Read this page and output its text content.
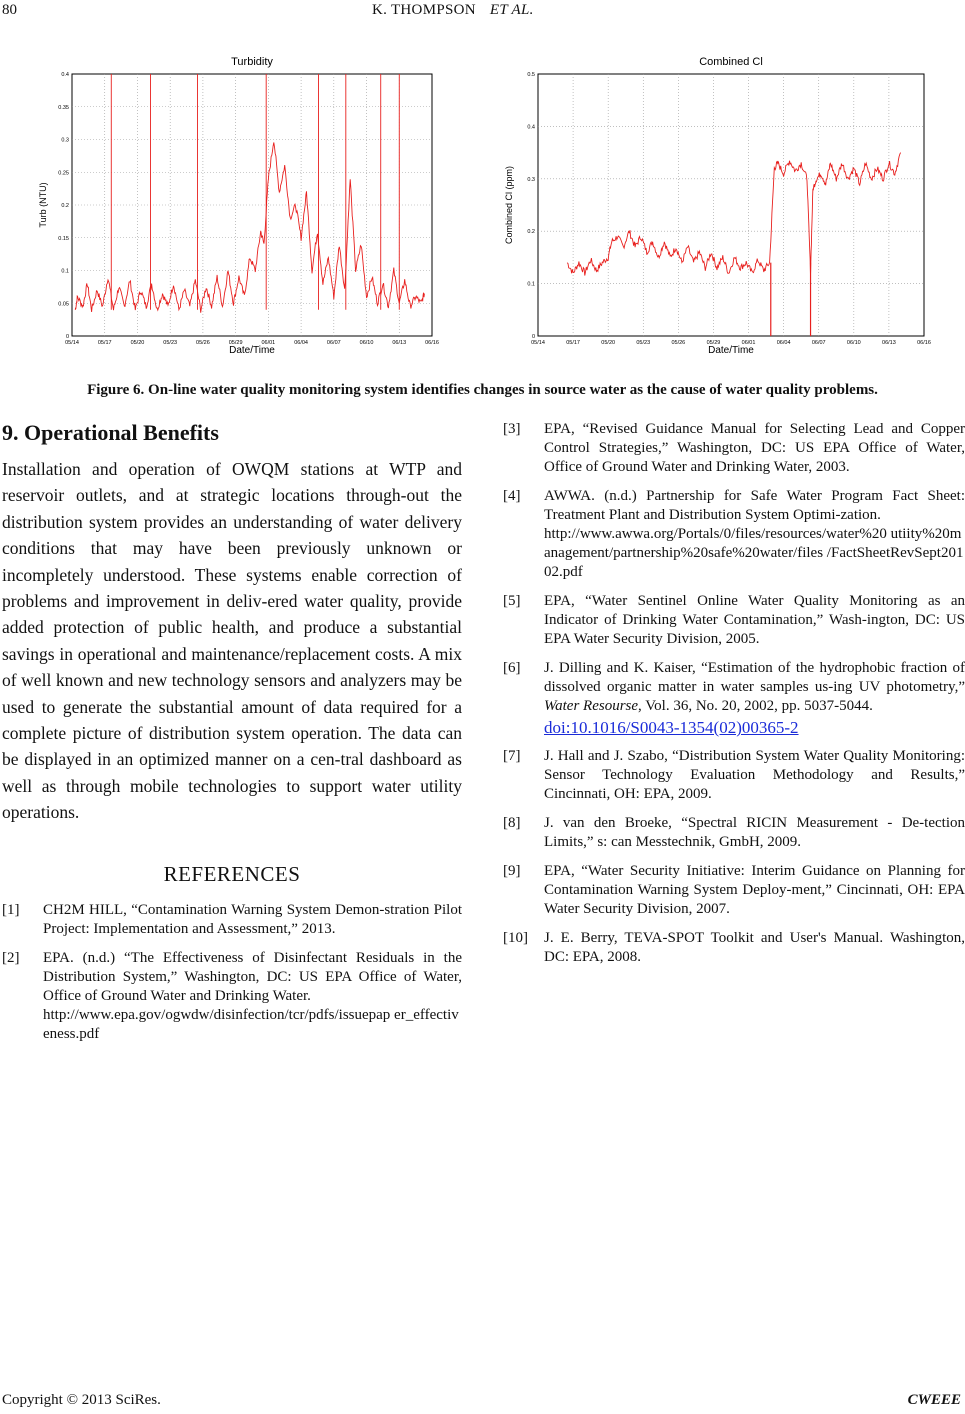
80	K. THOMPSON ET AL.
Turbidity
0
0.05
0.1
0.15
0.2
0.25
0.3
0.35
0.4
05/14	05/17	05/20	05/23	05/26	05/29	06/01	06/04	06/07	06/10	06/13	06/16
Date/Time
Turb (NTU)
Combined Cl
0
0.1
0.2
0.3
0.4
0.5
05/14	05/17	05/20	05/23	05/26	05/29	06/01	06/04	06/07	06/10	06/13	06/16
Date/Time
Combined Cl (ppm)
Figure 6. On-line water quality monitoring system identifies changes in source water as the cause of water quality problems.
9. Operational Benefits

Installation and operation of OWQM stations at WTP and reservoir outlets, and at strategic locations through-out the distribution system provides an understanding of water delivery conditions that may have been previously unknown or incompletely understood. These systems enable correction of problems and improvement in deliv-ered water quality, provide added protection of public health, and produce a substantial savings in operational and maintenance/replacement costs. A mix of well known and new technology sensors and analyzers may be used to generate the substantial amount of data required for a complete picture of distribution system operation. The data can be displayed in an optimized manner on a cen-tral dashboard as well as through mobile technologies to support water utility operations.

REFERENCES
[1] CH2M HILL, “Contamination Warning System Demon-stration Pilot Project: Implementation and Assessment,” 2013.
[2] EPA. (n.d.) “The Effectiveness of Disinfectant Residuals in the Distribution System,” Washington, DC: US EPA Office of Water, Office of Ground Water and Drinking Water.
http://www.epa.gov/ogwdw/disinfection/tcr/pdfs/issuepap er_effectiveness.pdf
[3] EPA, “Revised Guidance Manual for Selecting Lead and Copper Control Strategies,” Washington, DC: US EPA Office of Water, Office of Ground Water and Drinking Water, 2003.
[4] AWWA. (n.d.) Partnership for Safe Water Program Fact Sheet: Treatment Plant and Distribution System Optimi-zation.
http://www.awwa.org/Portals/0/files/resources/water%20 utiity%20management/partnership%20safe%20water/files /FactSheetRevSept20102.pdf
[5] EPA, “Water Sentinel Online Water Quality Monitoring as an Indicator of Drinking Water Contamination,” Wash-ington, DC: US EPA Water Security Division, 2005.
[6] J. Dilling and K. Kaiser, “Estimation of the hydrophobic fraction of dissolved organic matter in water samples us-ing UV photometry,” Water Resourse, Vol. 36, No. 20, 2002, pp. 5037-5044.
doi:10.1016/S0043-1354(02)00365-2
[7] J. Hall and J. Szabo, “Distribution System Water Quality Monitoring: Sensor Technology Evaluation Methodology and Results,” Cincinnati, OH: EPA, 2009.
[8] J. van den Broeke, “Spectral RICIN Measurement - De-tection Limits,” s: can Messtechnik, GmbH, 2009.
[9] EPA, “Water Security Initiative: Interim Guidance on Planning for Contamination Warning System Deploy-ment,” Cincinnati, OH: EPA Water Security Division, 2007.
[10] J. E. Berry, TEVA-SPOT Toolkit and User's Manual. Washington, DC: EPA, 2008.
Copyright © 2013 SciRes.	CWEEE
